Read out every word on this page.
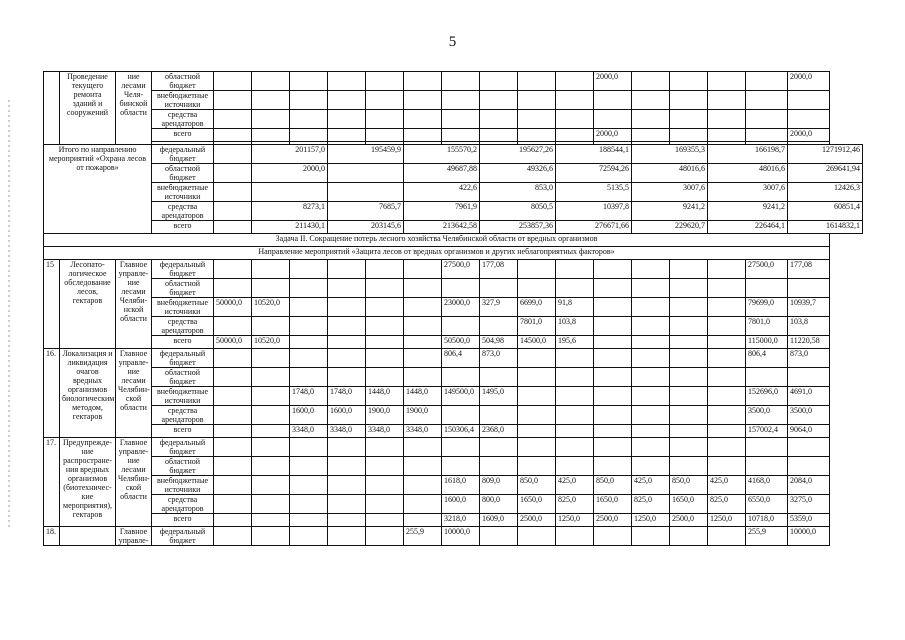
5
	Проведение текущего ремонта зданий и сооружений	ние лесами Челя-бинской области	областной бюджет											2000,0					2000,0
			внебюджетные источники																
			средства арендаторов																
			всего											2000,0					2000,0

Итого по направлению мероприятий «Охрана лесов от пожаров»			федеральный бюджет		201157,0		195459,9		155570,2		195627,26		188544,1		169355,3		166198,7		1271912,46
			областной бюджет		2000,0				49687,88		49326,6		72594,26		48016,6		48016,6		269641,94
			внебюджетные источники						422,6		853,0		5135,5		3007,6		3007,6		12426,3
			средства арендаторов		8273,1		7685,7		7961,9		8050,5		10397,8		9241,2		9241,2		60851,4
			всего		211430,1		203145,6		213642,58		253857,36		276671,66		229620,7		226464,1		1614832,1
Задача II. Сокращение потерь лесного хозяйства Челябинской области от вредных организмов																			
Направление мероприятий «Защита лесов от вредных организмов и других неблагоприятных факторов»																			
15	Лесопато-логическое обследование лесов, гектаров	Главное управле-ние лесами Челяби-нской области	федеральный бюджет							27500,0	177,08							27500,0	177,08
			областной бюджет																
			внебюджетные источники	50000,0	10520,0					23000,0	327,9	6699,0	91,8					79699,0	10939,7
			средства арендаторов									7801,0	103,8					7801,0	103,8
			всего	50000,0	10520,0					50500,0	504,98	14500,0	195,6					115000,0	11220,58
16.	Локализация и ликвидация очагов вредных организмов биологическим методом, гектаров	Главное управле-ние лесами Челябин-ской области	федеральный бюджет							806,4	873,0							806,4	873,0
			областной бюджет																
			внебюджетные источники			1748,0	1748,0	1448,0	1448,0	149500,0	1495,0							152696,0	4691,0
			средства арендаторов			1600,0	1600,0	1900,0	1900,0									3500,0	3500,0
			всего			3348,0	3348,0	3348,0	3348,0	150306,4	2368,0							157002,4	9064,0
17.	Предупрежде-ние распростране-ния вредных организмов (биотехничес-кие мероприятия), гектаров	Главное управле-ние лесами Челябин-ской области	федеральный бюджет																
			областной бюджет																
			внебюджетные источники							1618,0	809,0	850,0	425,0	850,0	425,0	850,0	425,0	4168,0	2084,0
			средства арендаторов							1600,0	800,0	1650,0	825,0	1650,0	825,0	1650,0	825,0	6550,0	3275,0
			всего							3218,0	1609,0	2500,0	1250,0	2500,0	1250,0	2500,0	1250,0	10718,0	5359,0
18.		Главное управле-	федеральный бюджет						255,9	10000,0								255,9	10000,0
